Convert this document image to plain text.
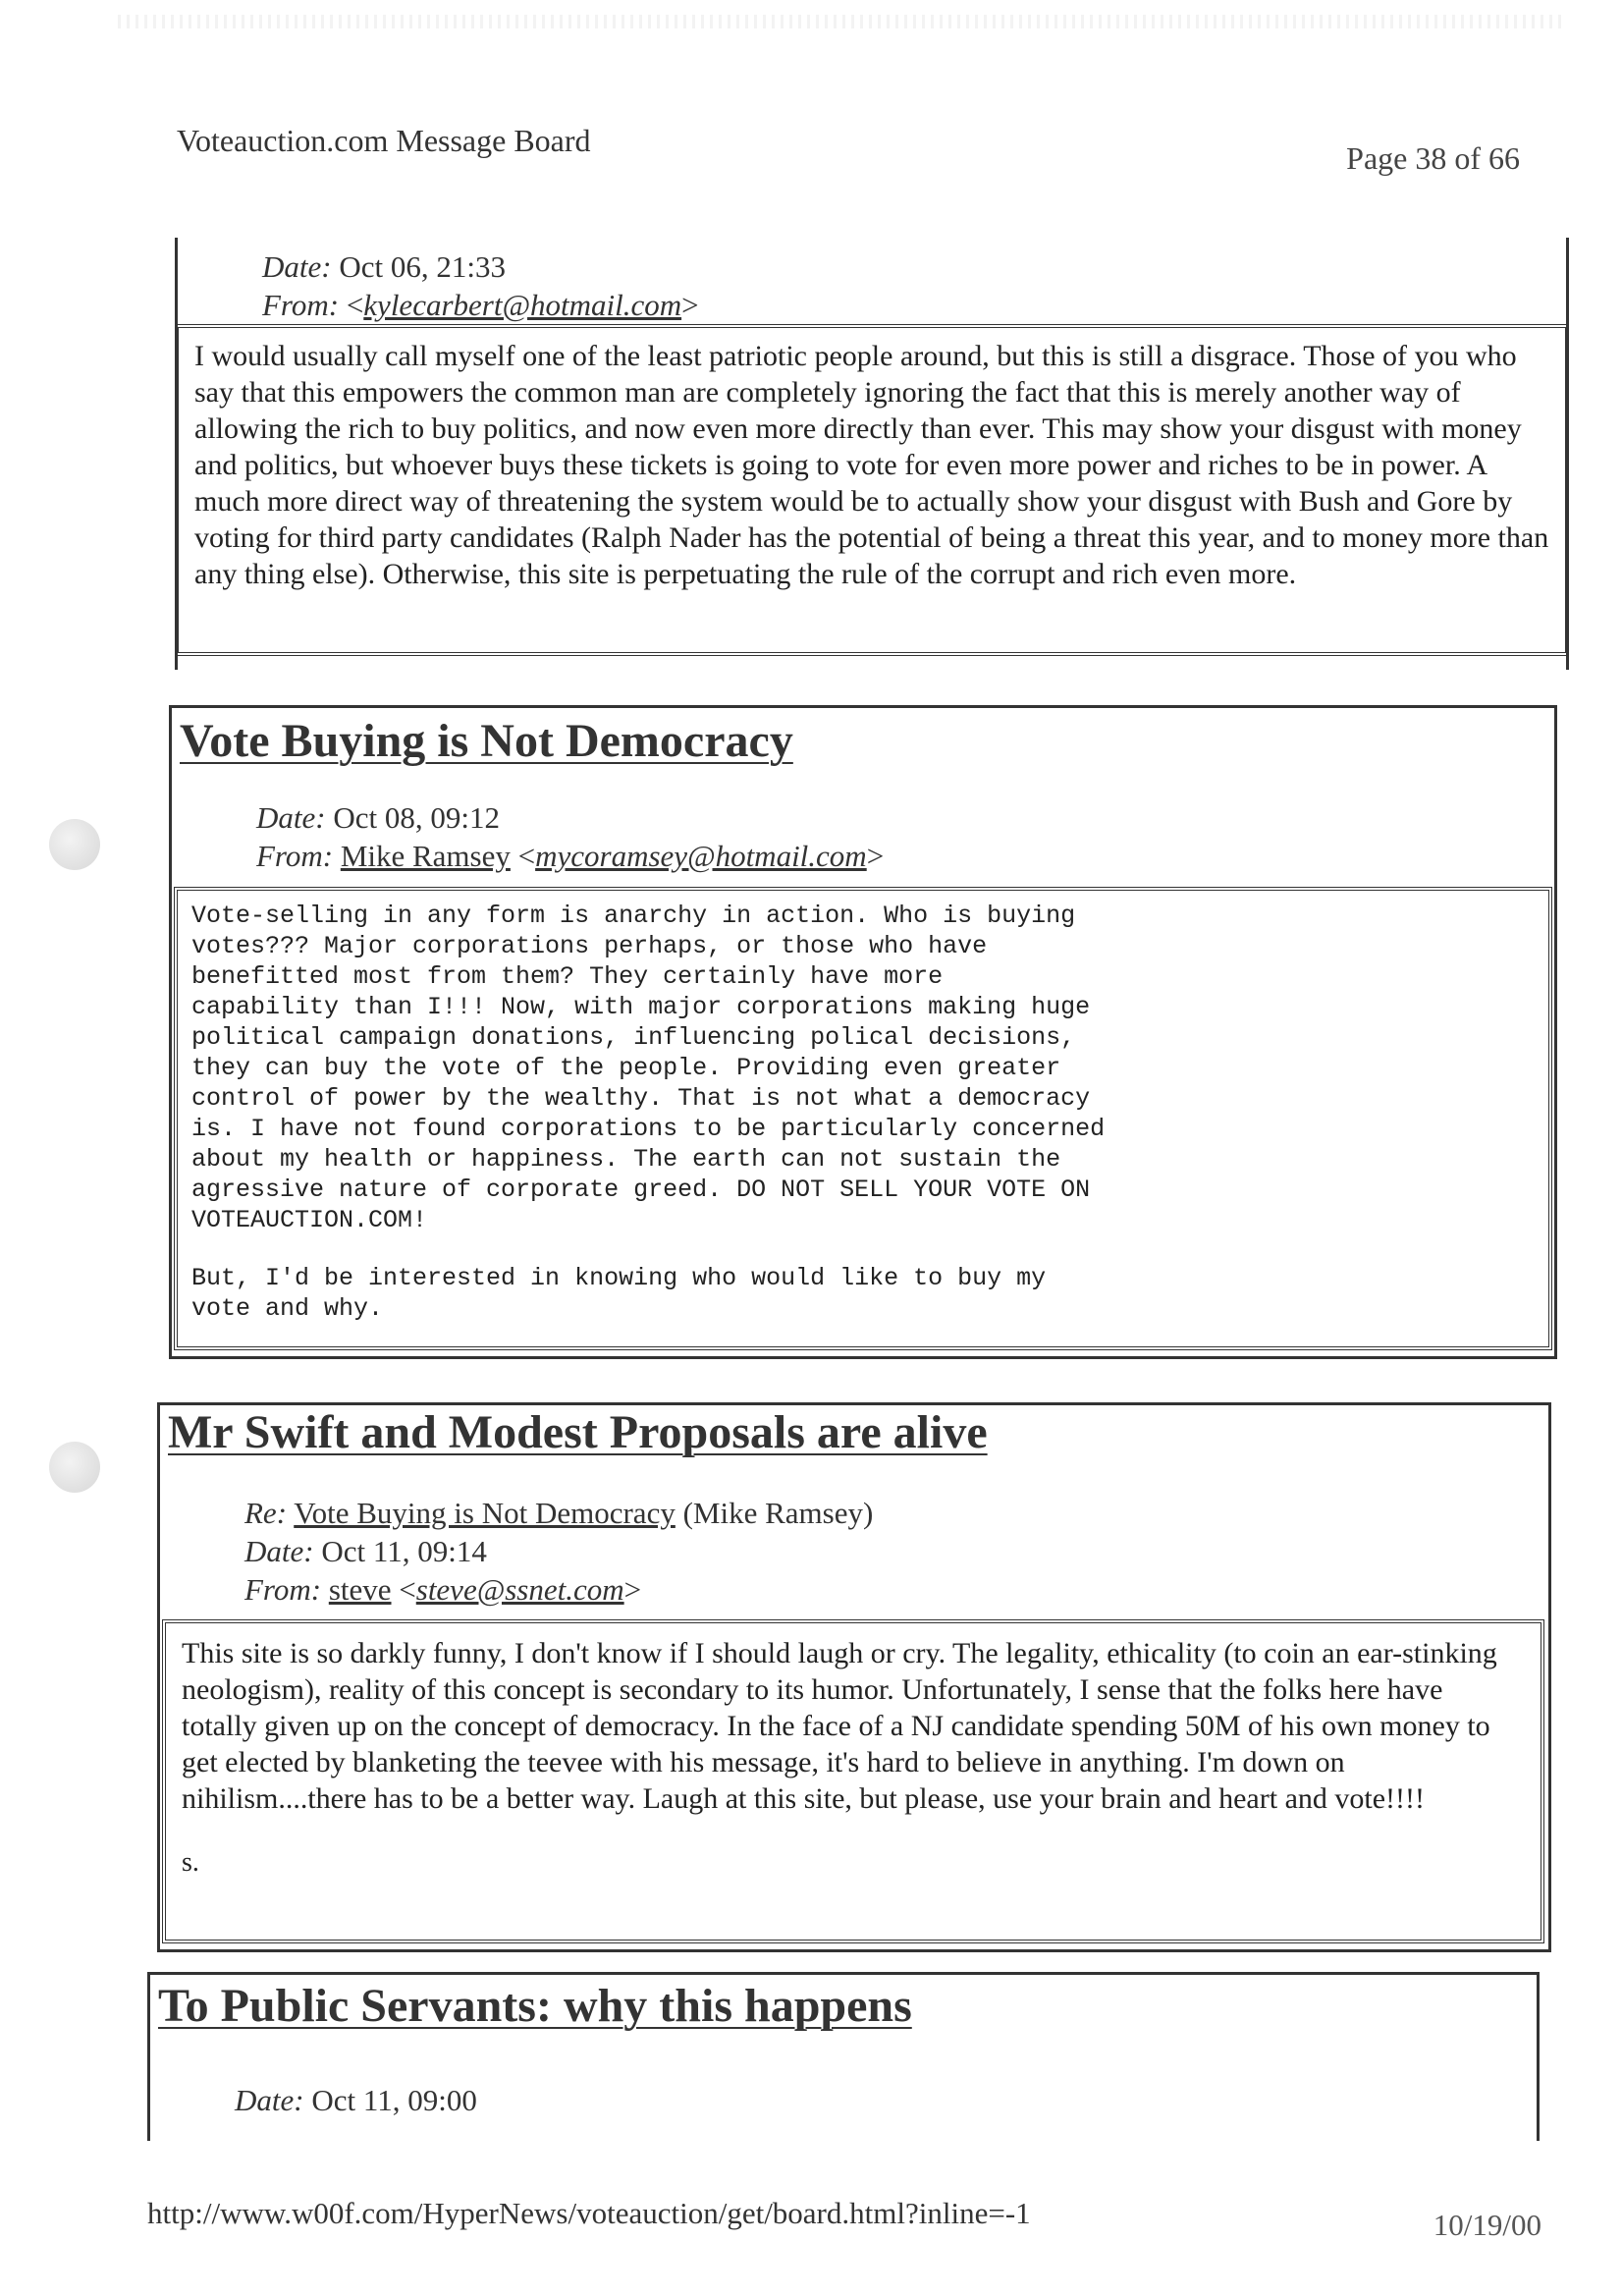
Voteauction.com Message Board	Page 38 of 66
Date: Oct 06, 21:33
From: <kylecarbert@hotmail.com>

I would usually call myself one of the least patriotic people around, but this is still a disgrace. Those of you who say that this empowers the common man are completely ignoring the fact that this is merely another way of allowing the rich to buy politics, and now even more directly than ever. This may show your disgust with money and politics, but whoever buys these tickets is going to vote for even more power and riches to be in power. A much more direct way of threatening the system would be to actually show your disgust with Bush and Gore by voting for third party candidates (Ralph Nader has the potential of being a threat this year, and to money more than any thing else). Otherwise, this site is perpetuating the rule of the corrupt and rich even more.

Vote Buying is Not Democracy
Date: Oct 08, 09:12
From: Mike Ramsey <mycoramsey@hotmail.com>

Vote-selling in any form is anarchy in action. Who is buying
votes??? Major corporations perhaps, or those who have
benefitted most from them? They certainly have more
capability than I!!! Now, with major corporations making huge
political campaign donations, influencing polical decisions,
they can buy the vote of the people. Providing even greater
control of power by the wealthy. That is not what a democracy
is. I have not found corporations to be particularly concerned
about my health or happiness. The earth can not sustain the
agressive nature of corporate greed. DO NOT SELL YOUR VOTE ON
VOTEAUCTION.COM!

But, I'd be interested in knowing who would like to buy my
vote and why.

Mr Swift and Modest Proposals are alive
Re: Vote Buying is Not Democracy (Mike Ramsey)
Date: Oct 11, 09:14
From: steve <steve@ssnet.com>

This site is so darkly funny, I don't know if I should laugh or cry. The legality, ethicality (to coin an ear-stinking neologism), reality of this concept is secondary to its humor. Unfortunately, I sense that the folks here have totally given up on the concept of democracy. In the face of a NJ candidate spending 50M of his own money to get elected by blanketing the teevee with his message, it's hard to believe in anything. I'm down on nihilism....there has to be a better way. Laugh at this site, but please, use your brain and heart and vote!!!!

s.

To Public Servants: why this happens
Date: Oct 11, 09:00
http://www.w00f.com/HyperNews/voteauction/get/board.html?inline=-1	10/19/00
